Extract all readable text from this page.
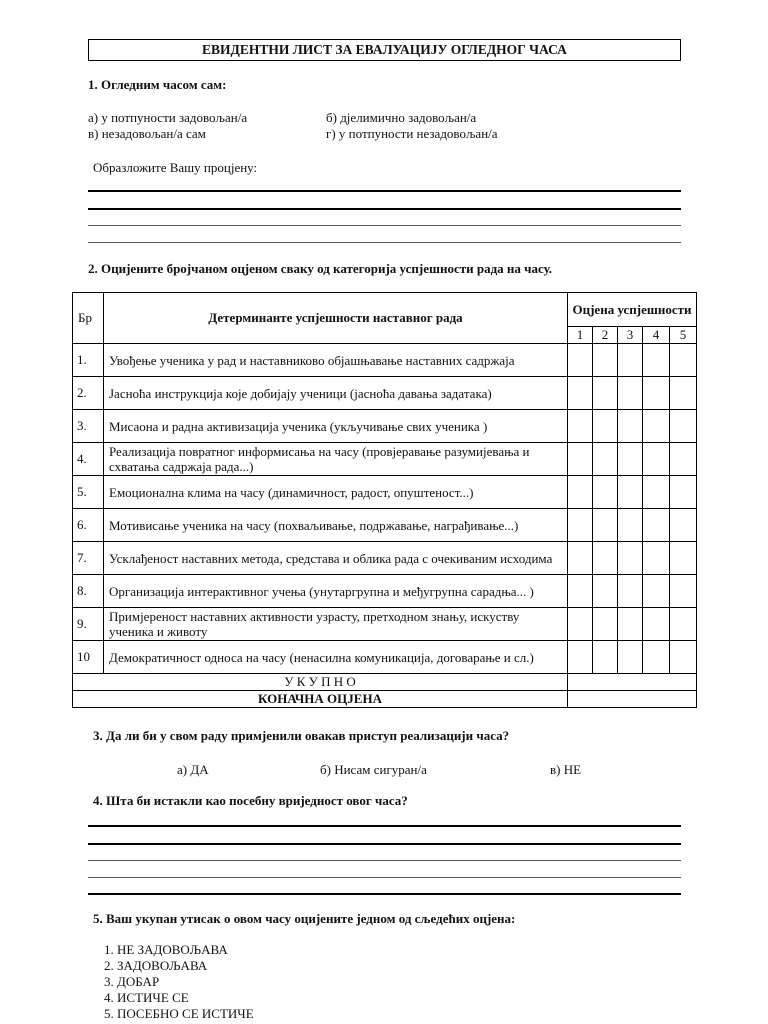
ЕВИДЕНТНИ ЛИСТ ЗА ЕВАЛУАЦИЈУ ОГЛЕДНОГ ЧАСА
1. Огледним часом сам:
а) у потпуности задовољан/а	б) дјелимично задовољан/а
в) незадовољан/а сам	г) у потпуности незадовољан/а
Образложите Вашу процјену:
2. Оцијените бројчаном оцјеном сваку од категорија успјешности рада на часу.
Бр	Детерминанте успјешности наставног рада	Оцјена успјешности				
		1	2	3	4	5
1.	Увођење ученика у рад и наставниково објашњавање наставних садржаја					
2.	Јасноћа инструкција које добијају ученици (јасноћа давања задатака)					
3.	Мисаона и радна активизација ученика (укључивање свих ученика )					
4.	Реализација повратног информисања на часу (провјеравање разумијевања и схватања садржаја рада...)					
5.	Емоционална клима на часу (динамичност, радост, опуштеност...)					
6.	Мотивисање ученика на часу (похваљивање, подржавање, награђивање...)					
7.	Усклађеност наставних метода, средстава и облика рада с очекиваним исходима					
8.	Организација интерактивног учења (унутаргрупна и међугрупна сарадња... )					
9.	Примјереност наставних активности узрасту, претходном знању, искуству ученика и животу					
10	Демократичност односа на часу (ненасилна комуникација, договарање и сл.)					
У К У П Н О						
КОНАЧНА ОЦЈЕНА						
3. Да ли би у свом раду примјенили овакав приступ реализацији часа?
а) ДА	б) Нисам сигуран/а	в) НЕ
4. Шта би истакли као посебну вриједност овог часа?
5. Ваш укупан утисак о овом часу оцијените једном од сљедећих оцјена:
1. НЕ ЗАДОВОЉАВА
2. ЗАДОВОЉАВА
3. ДОБАР
4. ИСТИЧЕ СЕ
5. ПОСЕБНО СЕ ИСТИЧЕ
